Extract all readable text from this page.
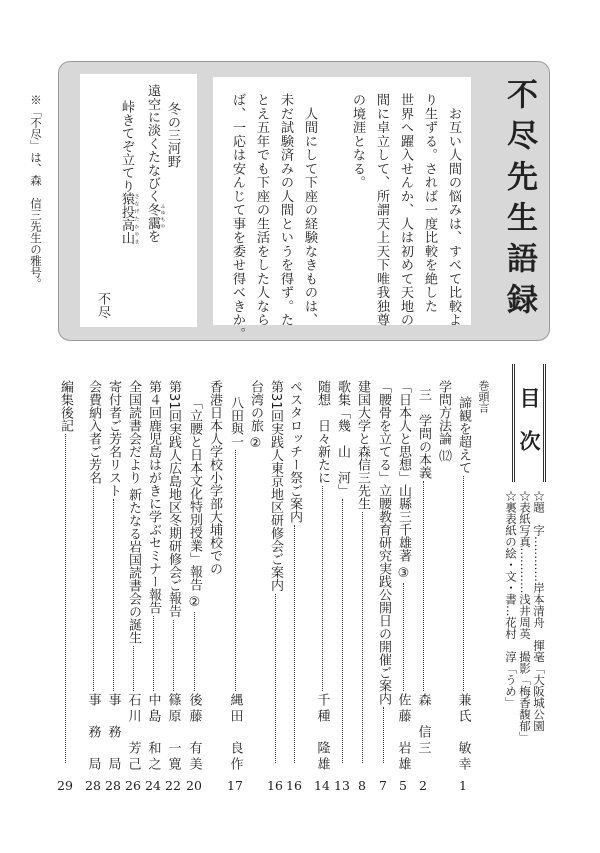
不尽先生語録
　お互い人間の悩みは、すべて比較よ
り生ずる。されば一度比較を絶した
世界へ躍入せんか、人は初めて天地の
間に卓立して、所謂天上天下唯我独尊
の境涯となる。
　人間にして下座の経験なきものは、
未だ試験済みの人間というを得ず。た
とえ五年でも下座の生活をした人なら
ば、一応は安んじて事を委せ得べきか。
冬の三河野
遠空に淡くたなびく冬靄 ふゆもやを
峠きてぞ立てり猿投高山 さなげたかやま
不尽
※「不尽」は、森　信三先生の雅号。
目次
☆題　字…………岸本清舟　揮毫「大阪城公園
☆表紙写真…………浅井周英　撮影「梅香馥郁」
☆裏表紙の絵・文・書…花村　淳「うめ」
巻頭言
諦観を超えて
兼氏　敏幸
1
学問方法論 ⑿
三　学問の本義
森　信三
2
「日本人と思想」山縣三千雄著 ③
佐藤　岩雄
5
「腰骨を立てる」立腰教育研究実践公開日の開催ご案内
7
建国大学と森信三先生
8
歌集「幾　山　河」
13
随想　日々新たに
千種　隆雄
14
ペスタロッチー祭ご案内
16
第31回実践人東京地区研修会ご案内
16
台湾の旅 ②
八田與一
縄田　良作
17
香港日本人学校小学部大埔校での
「立腰と日本文化特別授業」報告 ②
後藤　有美
20
第31回実践人広島地区冬期研修会ご報告
篠原　一寛
22
第４回鹿児島はがきに学ぶセミナー報告
中島　和之
24
全国読書会だより 新たなる岩国読書会の誕生
石川　芳己
26
寄付者ご芳名リスト
事　務　局
28
会費納入者ご芳名
事　務　局
28
編集後記
29
